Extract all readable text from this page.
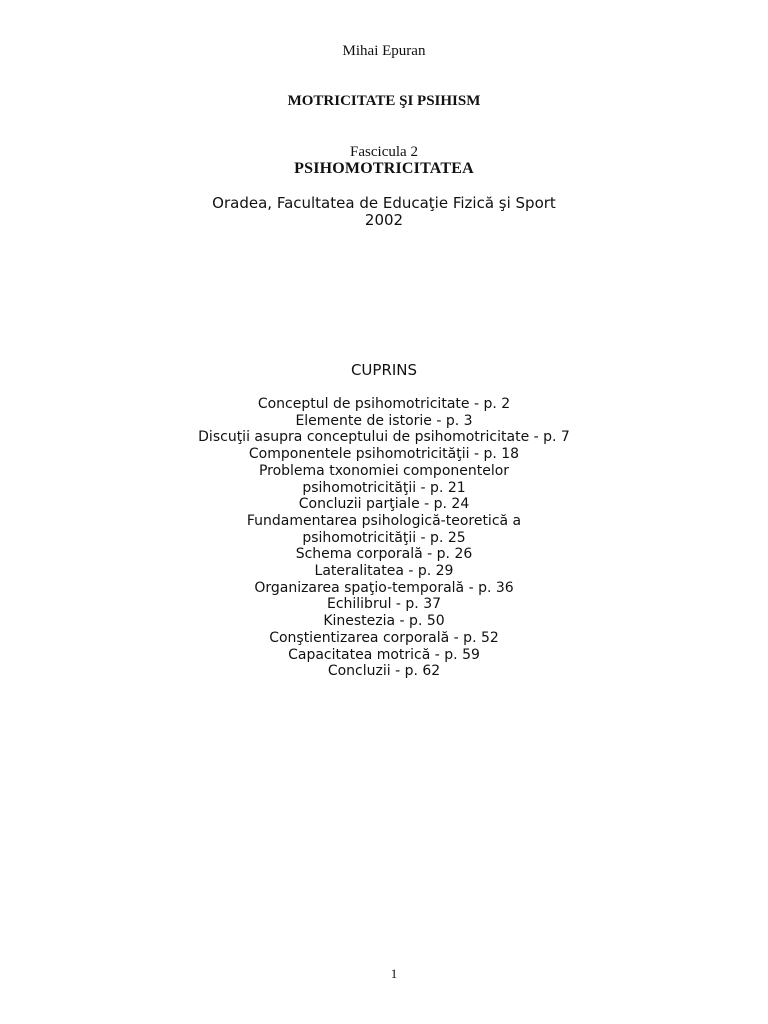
Mihai Epuran
MOTRICITATE ŞI PSIHISM
Fascicula 2
PSIHOMOTRICITATEA
Oradea, Facultatea de Educaţie Fizică şi Sport
2002
CUPRINS
Conceptul de psihomotricitate - p. 2
Elemente de istorie - p. 3
Discuţii asupra conceptului de psihomotricitate - p. 7
Componentele psihomotricităţii - p. 18
Problema txonomiei componentelor
psihomotricităţii - p. 21
Concluzii parţiale - p. 24
Fundamentarea psihologică-teoretică a
psihomotricităţii - p. 25
Schema corporală - p. 26
Lateralitatea - p. 29
Organizarea spaţio-temporală - p. 36
Echilibrul - p. 37
Kinestezia - p. 50
Conştientizarea corporală - p. 52
Capacitatea motrică - p. 59
Concluzii - p. 62
1
